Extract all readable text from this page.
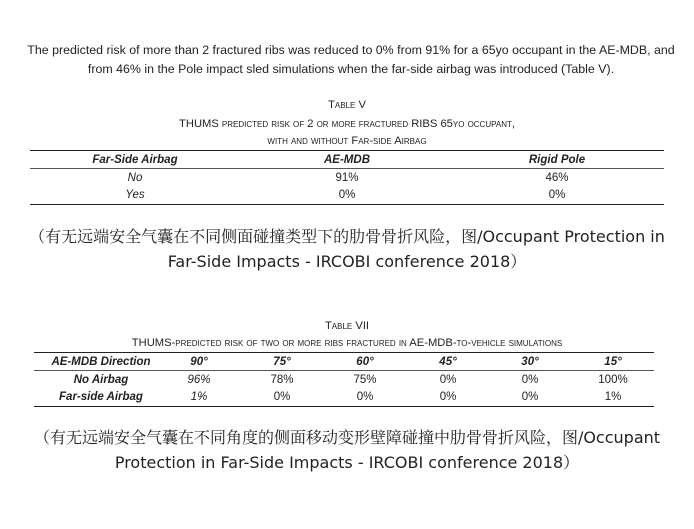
The predicted risk of more than 2 fractured ribs was reduced to 0% from 91% for a 65yo occupant in the AE-MDB, and from 46% in the Pole impact sled simulations when the far-side airbag was introduced (Table V).
Table V
THUMS predicted risk of 2 or more fractured RIBS 65yo occupant,
with and without Far-side Airbag
Far-Side Airbag	AE-MDB	Rigid Pole
No	91%	46%
Yes	0%	0%
（有无远端安全气囊在不同侧面碰撞类型下的肋骨骨折风险，图/Occupant Protection in
Far-Side Impacts - IRCOBI conference 2018）
Table VII
THUMS-predicted risk of two or more ribs fractured in AE-MDB-to-vehicle simulations
AE-MDB Direction	90°	75°	60°	45°	30°	15°
No Airbag	96%	78%	75%	0%	0%	100%
Far-side Airbag	1%	0%	0%	0%	0%	1%
（有无远端安全气囊在不同角度的侧面移动变形壁障碰撞中肋骨骨折风险，图/Occupant
Protection in Far-Side Impacts - IRCOBI conference 2018）
